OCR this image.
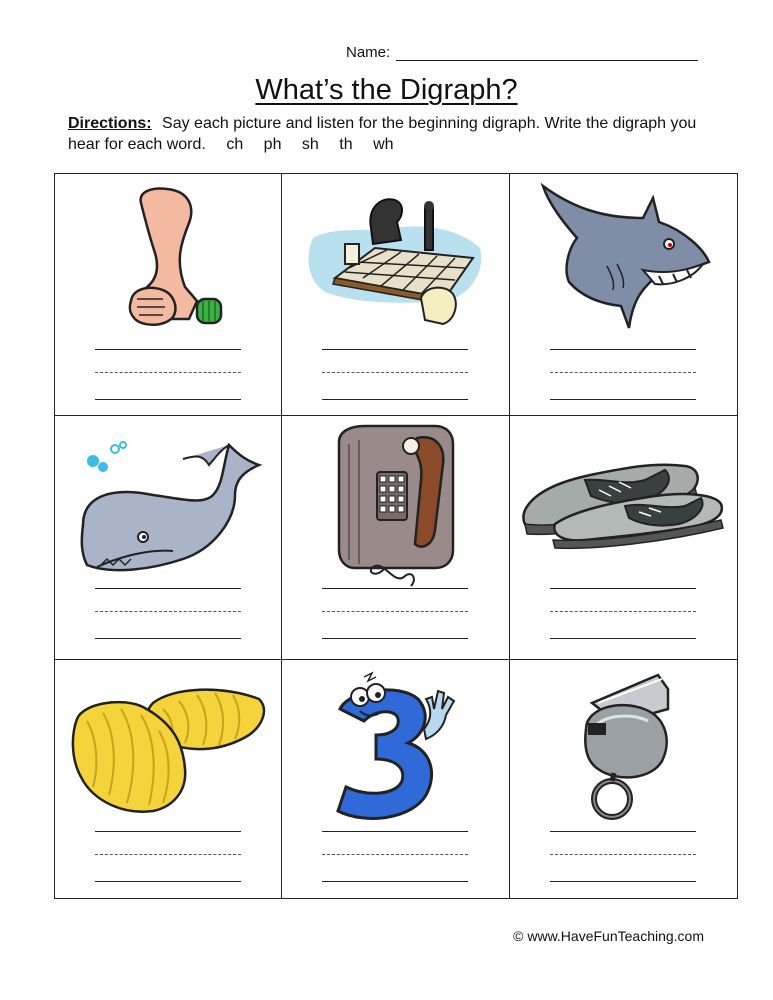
Name:
What’s the Digraph?
Directions: Say each picture and listen for the beginning digraph. Write the digraph you hear for each word. ch ph sh th wh
© www.HaveFunTeaching.com
